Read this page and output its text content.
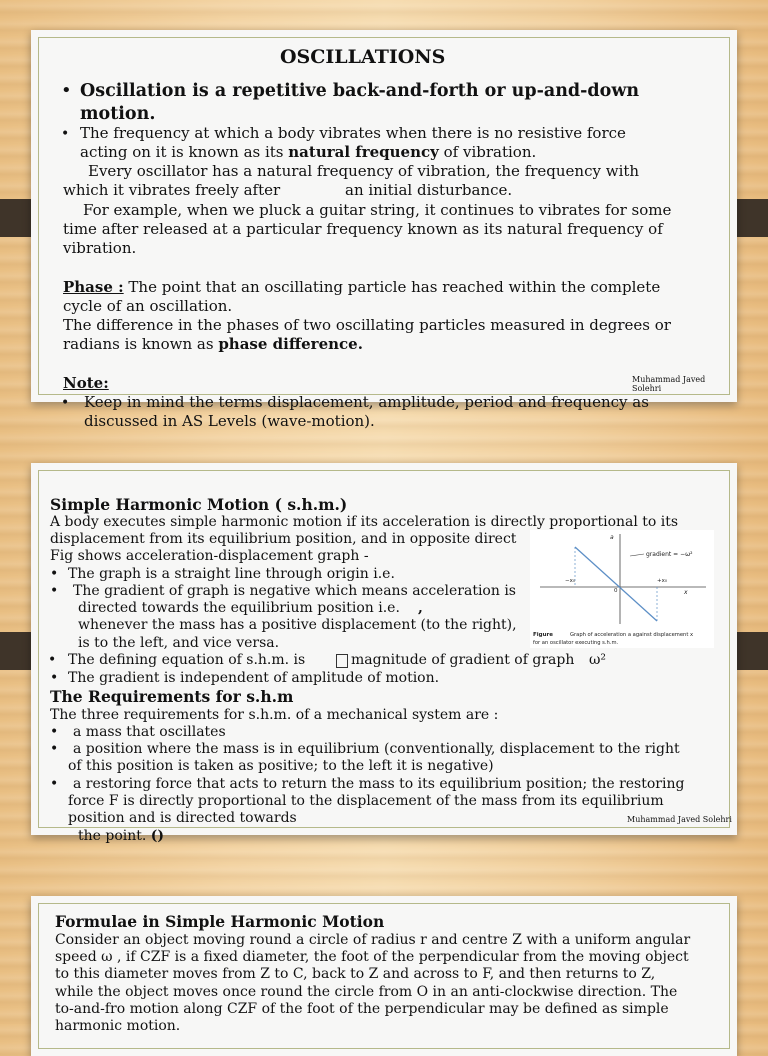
OSCILLATIONS
• Oscillation is a repetitive back-and-forth or up-and-down
motion.
• The frequency at which a body vibrates when there is no resistive force
acting on it is known as its natural frequency of vibration.
Every oscillator has a natural frequency of vibration, the frequency with
which it vibrates freely after	an initial disturbance.
For example, when we pluck a guitar string, it continues to vibrates for some
time after released at a particular frequency known as its natural frequency of
vibration.
Phase : The point that an oscillating particle has reached within the complete
cycle of an oscillation.
The difference in the phases of two oscillating particles measured in degrees or
radians is known as phase difference.
Note:	Muhammad Javed
Solehri
• Keep in mind the terms displacement, amplitude, period and frequency as
discussed in AS Levels (wave-motion).
Simple Harmonic Motion ( s.h.m.)
A body executes simple harmonic motion if its acceleration is directly proportional to its
displacement from its equilibrium position, and in opposite direct
Fig shows acceleration-displacement graph -
• The graph is a straight line through origin i.e.
• The gradient of graph is negative which means acceleration is
directed towards the equilibrium position i.e. ,
whenever the mass has a positive displacement (to the right),
is to the left, and vice versa.
• The defining equation of s.h.m. is	magnitude of gradient of graph ω²
• The gradient is independent of amplitude of motion.
The Requirements for s.h.m
The three requirements for s.h.m. of a mechanical system are :
• a mass that oscillates
• a position where the mass is in equilibrium (conventionally, displacement to the right
of this position is taken as positive; to the left it is negative)
• a restoring force that acts to return the mass to its equilibrium position; the restoring
force F is directly proportional to the displacement of the mass from its equilibrium
position and is directed towards	Muhammad Javed Solehri
the point. ()
gradient = −ω²
−x₀	+x₀
0	x
a
Figure	Graph of acceleration a against displacement x
for an oscillator executing s.h.m.
Formulae in Simple Harmonic Motion
Consider an object moving round a circle of radius r and centre Z with a uniform angular
speed ω , if CZF is a fixed diameter, the foot of the perpendicular from the moving object
to this diameter moves from Z to C, back to Z and across to F, and then returns to Z,
while the object moves once round the circle from O in an anti-clockwise direction. The
to-and-fro motion along CZF of the foot of the perpendicular may be defined as simple
harmonic motion.
